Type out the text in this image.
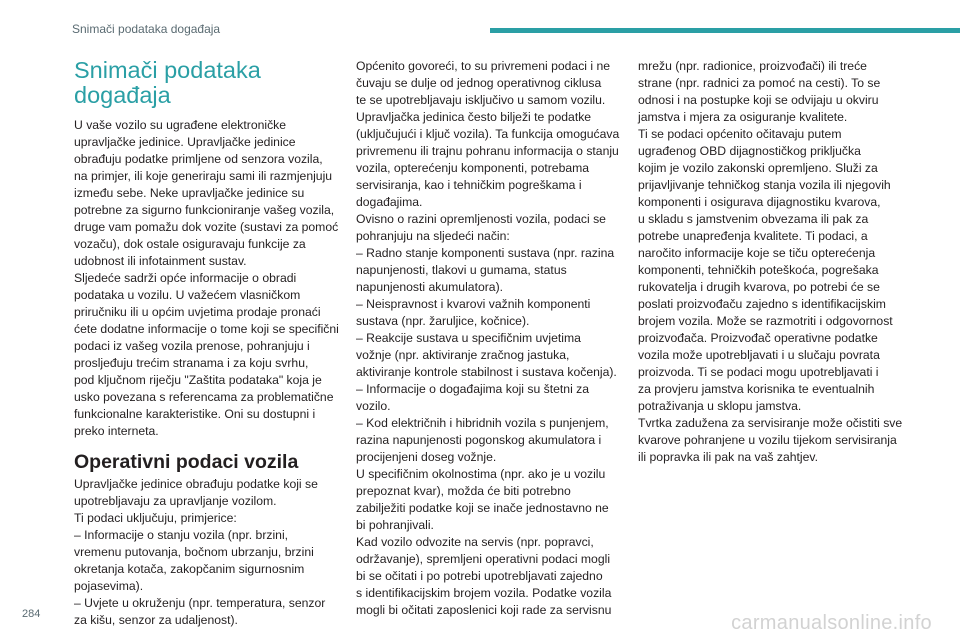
Snimači podataka događaja
Snimači podataka
događaja

U vaše vozilo su ugrađene elektroničke

upravljačke jedinice. Upravljačke jedinice

obrađuju podatke primljene od senzora vozila,

na primjer, ili koje generiraju sami ili razmjenjuju

između sebe. Neke upravljačke jedinice su

potrebne za sigurno funkcioniranje vašeg vozila,

druge vam pomažu dok vozite (sustavi za pomoć

vozaču), dok ostale osiguravaju funkcije za

udobnost ili infotainment sustav.

Sljedeće sadrži opće informacije o obradi

podataka u vozilu. U važećem vlasničkom

priručniku ili u općim uvjetima prodaje pronaći

ćete dodatne informacije o tome koji se specifični

podaci iz vašeg vozila prenose, pohranjuju i

prosljeđuju trećim stranama i za koju svrhu,

pod ključnom riječju "Zaštita podataka" koja je

usko povezana s referencama za problematične

funkcionalne karakteristike. Oni su dostupni i

preko interneta.

Operativni podaci vozila

Upravljačke jedinice obrađuju podatke koji se

upotrebljavaju za upravljanje vozilom.

Ti podaci uključuju, primjerice:

– Informacije o stanju vozila (npr. brzini,

vremenu putovanja, bočnom ubrzanju, brzini

okretanja kotača, zakopčanim sigurnosnim

pojasevima).

– Uvjete u okruženju (npr. temperatura, senzor

za kišu, senzor za udaljenost).

Općenito govoreći, to su privremeni podaci i ne

čuvaju se dulje od jednog operativnog ciklusa

te se upotrebljavaju isključivo u samom vozilu.

Upravljačka jedinica često bilježi te podatke

(uključujući i ključ vozila). Ta funkcija omogućava

privremenu ili trajnu pohranu informacija o stanju

vozila, opterećenju komponenti, potrebama

servisiranja, kao i tehničkim pogreškama i

događajima.

Ovisno o razini opremljenosti vozila, podaci se

pohranjuju na sljedeći način:

– Radno stanje komponenti sustava (npr. razina

napunjenosti, tlakovi u gumama, status

napunjenosti akumulatora).

– Neispravnost i kvarovi važnih komponenti

sustava (npr. žaruljice, kočnice).

– Reakcije sustava u specifičnim uvjetima

vožnje (npr. aktiviranje zračnog jastuka,

aktiviranje kontrole stabilnost i sustava kočenja).

– Informacije o događajima koji su štetni za

vozilo.

– Kod električnih i hibridnih vozila s punjenjem,

razina napunjenosti pogonskog akumulatora i

procijenjeni doseg vožnje.

U specifičnim okolnostima (npr. ako je u vozilu

prepoznat kvar), možda će biti potrebno

zabilježiti podatke koji se inače jednostavno ne

bi pohranjivali.

Kad vozilo odvozite na servis (npr. popravci,

održavanje), spremljeni operativni podaci mogli

bi se očitati i po potrebi upotrebljavati zajedno

s identifikacijskim brojem vozila. Podatke vozila

mogli bi očitati zaposlenici koji rade za servisnu

mrežu (npr. radionice, proizvođači) ili treće

strane (npr. radnici za pomoć na cesti). To se

odnosi i na postupke koji se odvijaju u okviru

jamstva i mjera za osiguranje kvalitete.

Ti se podaci općenito očitavaju putem

ugrađenog OBD dijagnostičkog priključka

kojim je vozilo zakonski opremljeno. Služi za

prijavljivanje tehničkog stanja vozila ili njegovih

komponenti i osigurava dijagnostiku kvarova,

u skladu s jamstvenim obvezama ili pak za

potrebe unapređenja kvalitete. Ti podaci, a

naročito informacije koje se tiču opterećenja

komponenti, tehničkih poteškoća, pogrešaka

rukovatelja i drugih kvarova, po potrebi će se

poslati proizvođaču zajedno s identifikacijskim

brojem vozila. Može se razmotriti i odgovornost

proizvođača. Proizvođač operativne podatke

vozila može upotrebljavati i u slučaju povrata

proizvoda. Ti se podaci mogu upotrebljavati i

za provjeru jamstva korisnika te eventualnih

potraživanja u sklopu jamstva.

Tvrtka zadužena za servisiranje može očistiti sve

kvarove pohranjene u vozilu tijekom servisiranja

ili popravka ili pak na vaš zahtjev.

284	carmanualsonline.info
